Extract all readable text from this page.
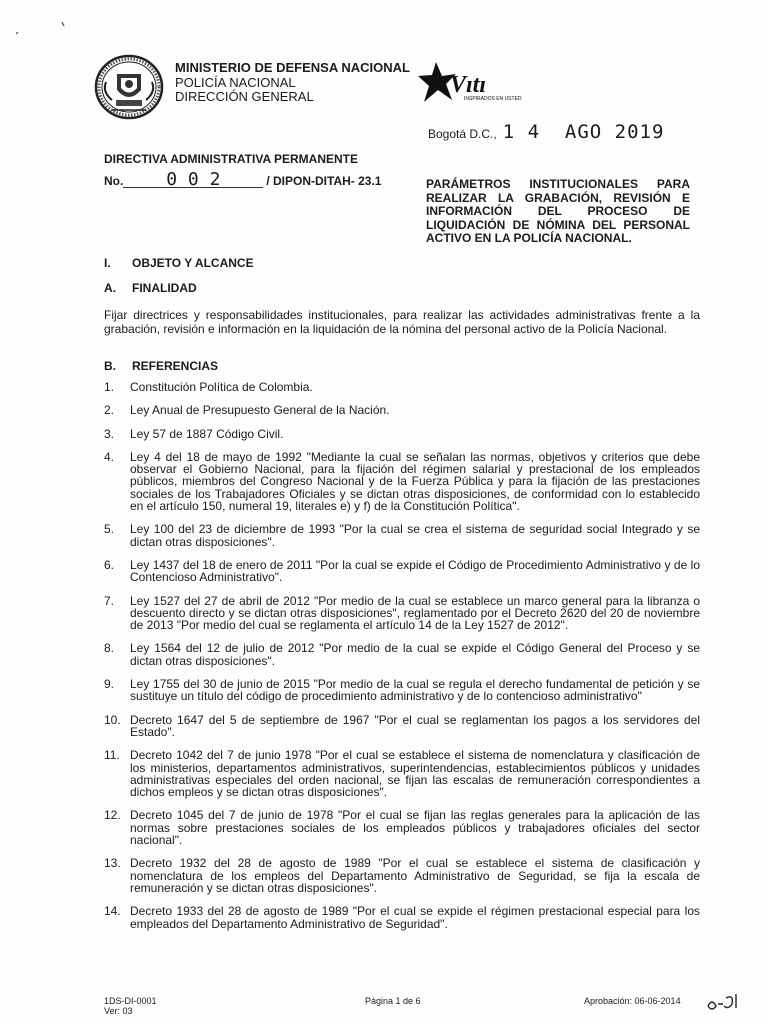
MINISTERIO DE DEFENSA NACIONAL
POLICÍA NACIONAL
DIRECCIÓN GENERAL	Vıtı
INSPIRADOS EN USTED
Bogotá D.C., 1 4  AGO 2019
DIRECTIVA ADMINISTRATIVA PERMANENTE
No.	0 0 2	/ DIPON-DITAH- 23.1	PARÁMETROS INSTITUCIONALES PARA REALIZAR LA GRABACIÓN, REVISIÓN E INFORMACIÓN DEL PROCESO DE LIQUIDACIÓN DE NÓMINA DEL PERSONAL ACTIVO EN LA POLICÍA NACIONAL.
I. OBJETO Y ALCANCE
A. FINALIDAD
Fijar directrices y responsabilidades institucionales, para realizar las actividades administrativas frente a la grabación, revisión e información en la liquidación de la nómina del personal activo de la Policía Nacional.
B. REFERENCIAS
1. Constitución Política de Colombia.
2. Ley Anual de Presupuesto General de la Nación.
3. Ley 57 de 1887 Código Civil.
4. Ley 4 del 18 de mayo de 1992 "Mediante la cual se señalan las normas, objetivos y criterios que debe observar el Gobierno Nacional, para la fijación del régimen salarial y prestacional de los empleados públicos, miembros del Congreso Nacional y de la Fuerza Pública y para la fijación de las prestaciones sociales de los Trabajadores Oficiales y se dictan otras disposiciones, de conformidad con lo establecido en el artículo 150, numeral 19, literales e) y f) de la Constitución Política".
5. Ley 100 del 23 de diciembre de 1993 "Por la cual se crea el sistema de seguridad social Integrado y se dictan otras disposiciones".
6. Ley 1437 del 18 de enero de 2011 "Por la cual se expide el Código de Procedimiento Administrativo y de lo Contencioso Administrativo".
7. Ley 1527 del 27 de abril de 2012 "Por medio de la cual se establece un marco general para la libranza o descuento directo y se dictan otras disposiciones", reglamentado por el Decreto 2620 del 20 de noviembre de 2013 "Por medio del cual se reglamenta el artículo 14 de la Ley 1527 de 2012".
8. Ley 1564 del 12 de julio de 2012 "Por medio de la cual se expide el Código General del Proceso y se dictan otras disposiciones".
9. Ley 1755 del 30 de junio de 2015 "Por medio de la cual se regula el derecho fundamental de petición y se sustituye un título del código de procedimiento administrativo y de lo contencioso administrativo"
10. Decreto 1647 del 5 de septiembre de 1967 "Por el cual se reglamentan los pagos a los servidores del Estado".
11. Decreto 1042 del 7 de junio 1978 "Por el cual se establece el sistema de nomenclatura y clasificación de los ministerios, departamentos administrativos, superintendencias, establecimientos públicos y unidades administrativas especiales del orden nacional, se fijan las escalas de remuneración correspondientes a dichos empleos y se dictan otras disposiciones".
12. Decreto 1045 del 7 de junio de 1978 "Por el cual se fijan las reglas generales para la aplicación de las normas sobre prestaciones sociales de los empleados públicos y trabajadores oficiales del sector nacional".
13. Decreto 1932 del 28 de agosto de 1989 "Por el cual se establece el sistema de clasificación y nomenclatura de los empleos del Departamento Administrativo de Seguridad, se fija la escala de remuneración y se dictan otras disposiciones".
14. Decreto 1933 del 28 de agosto de 1989 "Por el cual se expide el régimen prestacional especial para los empleados del Departamento Administrativo de Seguridad".
1DS-DI-0001
Ver: 03
Página 1 de 6	Aprobación: 06-06-2014
